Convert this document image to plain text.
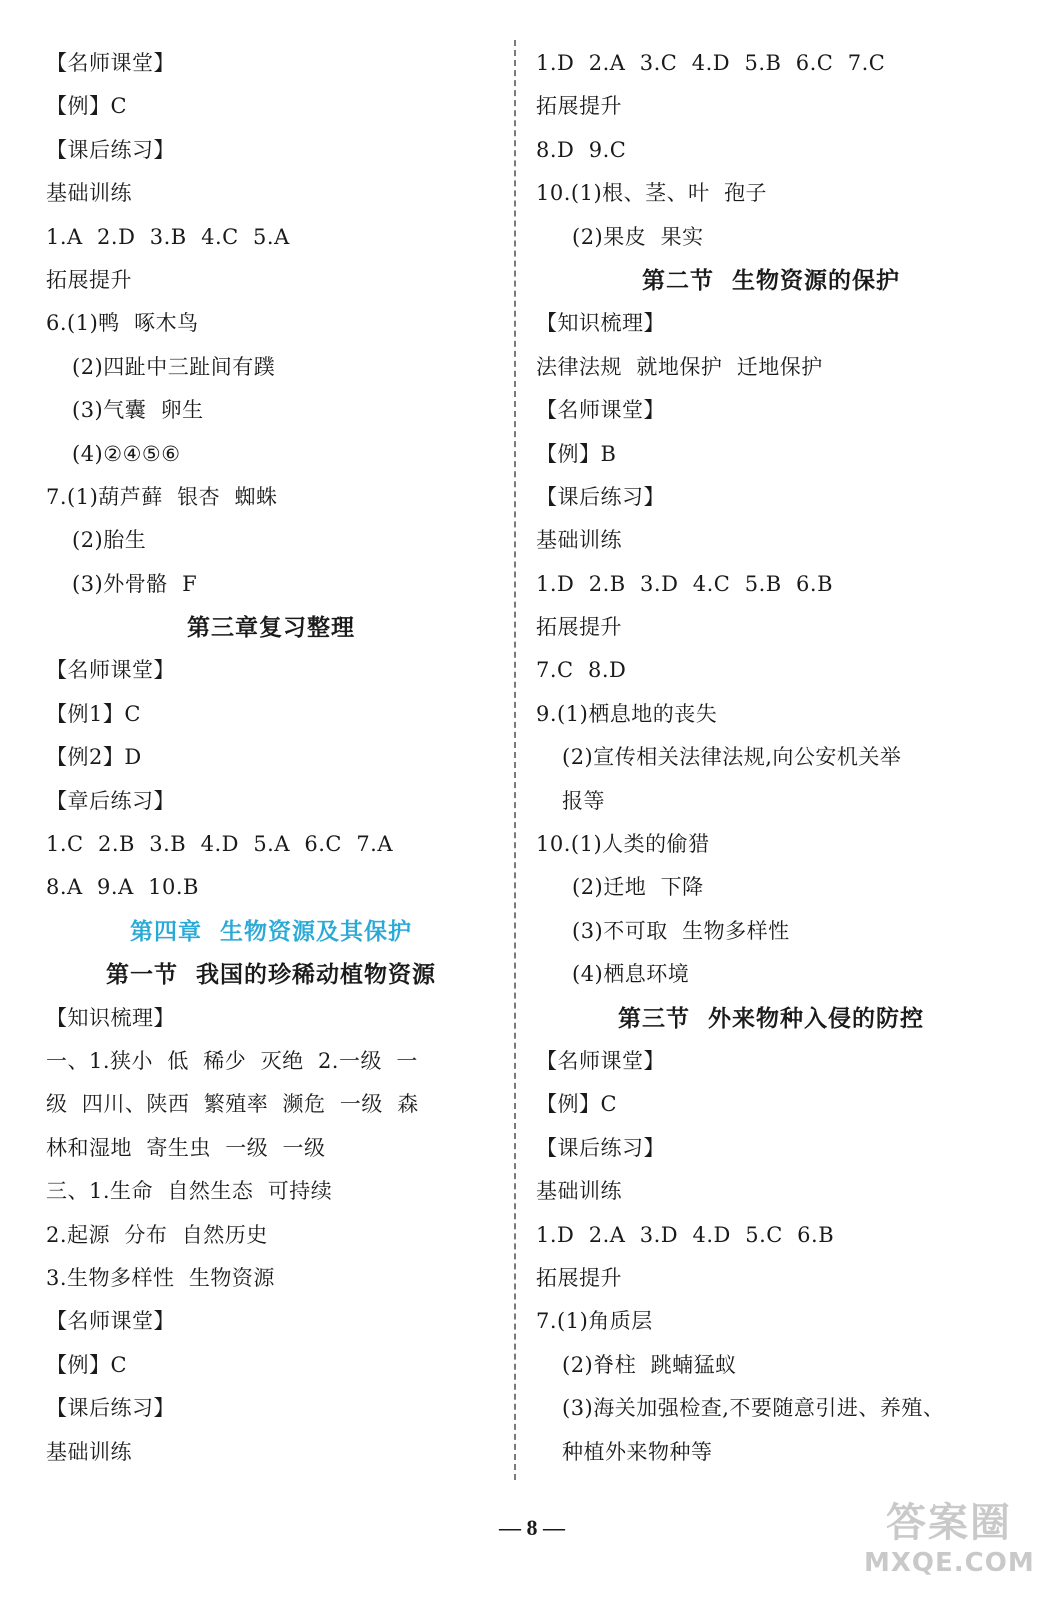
【名师课堂】
【例】C
【课后练习】
基础训练
1.A  2.D  3.B  4.C  5.A
拓展提升
6.(1)鸭  啄木鸟
(2)四趾中三趾间有蹼
(3)气囊  卵生
(4)②④⑤⑥
7.(1)葫芦藓  银杏  蜘蛛
(2)胎生
(3)外骨骼  F
第三章复习整理
【名师课堂】
【例1】C
【例2】D
【章后练习】
1.C  2.B  3.B  4.D  5.A  6.C  7.A
8.A  9.A  10.B
第四章  生物资源及其保护
第一节  我国的珍稀动植物资源
【知识梳理】
一、1.狭小  低  稀少  灭绝  2.一级  一
级  四川、陕西  繁殖率  濒危  一级  森
林和湿地  寄生虫  一级  一级
三、1.生命  自然生态  可持续
2.起源  分布  自然历史
3.生物多样性  生物资源
【名师课堂】
【例】C
【课后练习】
基础训练
1.D  2.A  3.C  4.D  5.B  6.C  7.C
拓展提升
8.D  9.C
10.(1)根、茎、叶  孢子
(2)果皮  果实
第二节  生物资源的保护
【知识梳理】
法律法规  就地保护  迁地保护
【名师课堂】
【例】B
【课后练习】
基础训练
1.D  2.B  3.D  4.C  5.B  6.B
拓展提升
7.C  8.D
9.(1)栖息地的丧失
(2)宣传相关法律法规,向公安机关举
报等
10.(1)人类的偷猎
(2)迁地  下降
(3)不可取  生物多样性
(4)栖息环境
第三节  外来物种入侵的防控
【名师课堂】
【例】C
【课后练习】
基础训练
1.D  2.A  3.D  4.D  5.C  6.B
拓展提升
7.(1)角质层
(2)脊柱  跳蝻猛蚁
(3)海关加强检查,不要随意引进、养殖、
种植外来物种等
— 8 —	答案圈
MXQE.COM
